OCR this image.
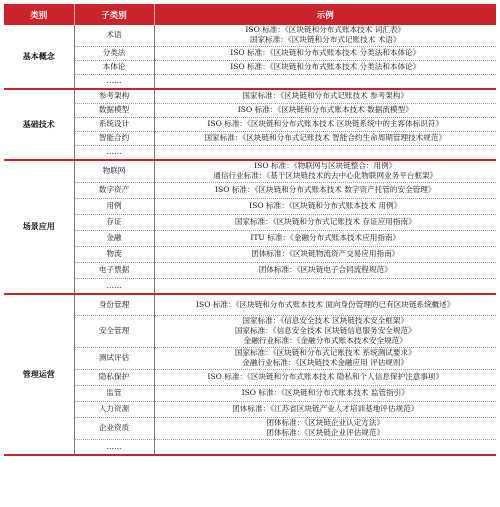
类别	子类别	示例
基本概念	术语	ISO 标准：《区块链和分布式账本技术 词汇表》
国家标准：《区块链和分布式记账技术 术语》

	分类法	ISO 标准：《区块链和分布式账本技术 分类法和本体论》

	本体论	ISO 标准：《区块链和分布式账本技术 分类法和本体论》

	……	

基础技术	参考架构	国家标准：《区块链和分布式记账技术 参考架构》

	数据模型	ISO 标准：《区块链和分布式账本技术 数据流模型》

	系统设计	ISO 标准：《区块链和分布式账本技术 区块链系统中的主客体标识符》

	智能合约	国家标准：《区块链和分布式记账技术 智能合约生命周期管理技术规范》

	……	

场景应用	物联网	ISO 标准：《物联网与区块链整合：用例》
通信行业标准：《基于区块链技术的去中心化物联网业务平台框架》

	数字资产	ISO 标准：《区块链和分布式账本技术 数字资产托管的安全管理》

	用例	ISO 标准：《区块链和分布式账本技术 用例》

	存证	国家标准：《区块链和分布式记账技术 存证应用指南》

	金融	ITU 标准：《金融分布式账本技术应用指南》

	物流	团体标准：《区块链物流资产交易应用指南》

	电子票据	团体标准：《区块链电子合同流程规范》

	……	

管理运营	身份管理	ISO 标准：《区块链和分布式账本技术 面向身份管理的已有区块链系统概述》

	安全管理	国家标准：《信息安全技术 区块链技术安全框架》
国家标准：《信息安全技术 区块链信息服务安全规范》
金融行业标准：《金融分布式账本技术安全规范》

	测试评估	国家标准：《区块链和分布式记账技术 系统测试要求》
金融行业标准：《区块链技术金融应用 评估规则》

	隐私保护	ISO 标准：《区块链和分布式账本技术 隐私和个人信息保护注意事项》

	监管	ISO 标准：《区块链和分布式账本技术 监管指引》

	人力资源	团体标准：《江苏省区块链产业人才培训基地评估规范》

	企业资质	团体标准：《区块链企业认定方法》
团体标准：《区块链企业评估规范》

	……	
